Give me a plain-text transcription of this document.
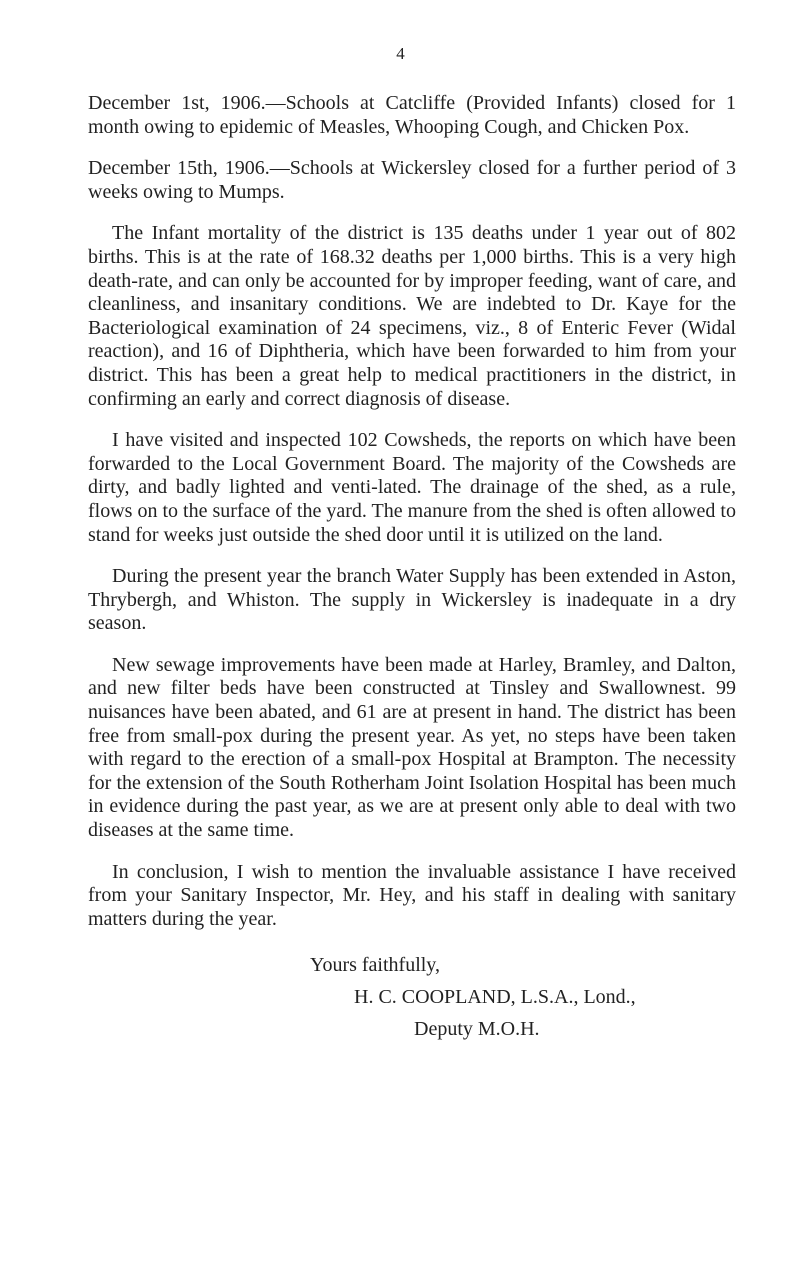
4

December 1st, 1906.—Schools at Catcliffe (Provided Infants) closed for 1 month owing to epidemic of Measles, Whooping Cough, and Chicken Pox.

December 15th, 1906.—Schools at Wickersley closed for a further period of 3 weeks owing to Mumps.

The Infant mortality of the district is 135 deaths under 1 year out of 802 births. This is at the rate of 168.32 deaths per 1,000 births. This is a very high death-rate, and can only be accounted for by improper feeding, want of care, and cleanliness, and insanitary conditions. We are indebted to Dr. Kaye for the Bacteriological examination of 24 specimens, viz., 8 of Enteric Fever (Widal reaction), and 16 of Diphtheria, which have been forwarded to him from your district. This has been a great help to medical practitioners in the district, in confirming an early and correct diagnosis of disease.

I have visited and inspected 102 Cowsheds, the reports on which have been forwarded to the Local Government Board. The majority of the Cowsheds are dirty, and badly lighted and venti-lated. The drainage of the shed, as a rule, flows on to the surface of the yard. The manure from the shed is often allowed to stand for weeks just outside the shed door until it is utilized on the land.

During the present year the branch Water Supply has been extended in Aston, Thrybergh, and Whiston. The supply in Wickersley is inadequate in a dry season.

New sewage improvements have been made at Harley, Bramley, and Dalton, and new filter beds have been constructed at Tinsley and Swallownest. 99 nuisances have been abated, and 61 are at present in hand. The district has been free from small-pox during the present year. As yet, no steps have been taken with regard to the erection of a small-pox Hospital at Brampton. The necessity for the extension of the South Rotherham Joint Isolation Hospital has been much in evidence during the past year, as we are at present only able to deal with two diseases at the same time.

In conclusion, I wish to mention the invaluable assistance I have received from your Sanitary Inspector, Mr. Hey, and his staff in dealing with sanitary matters during the year.

Yours faithfully,
H. C. COOPLAND, L.S.A., Lond.,
Deputy M.O.H.
